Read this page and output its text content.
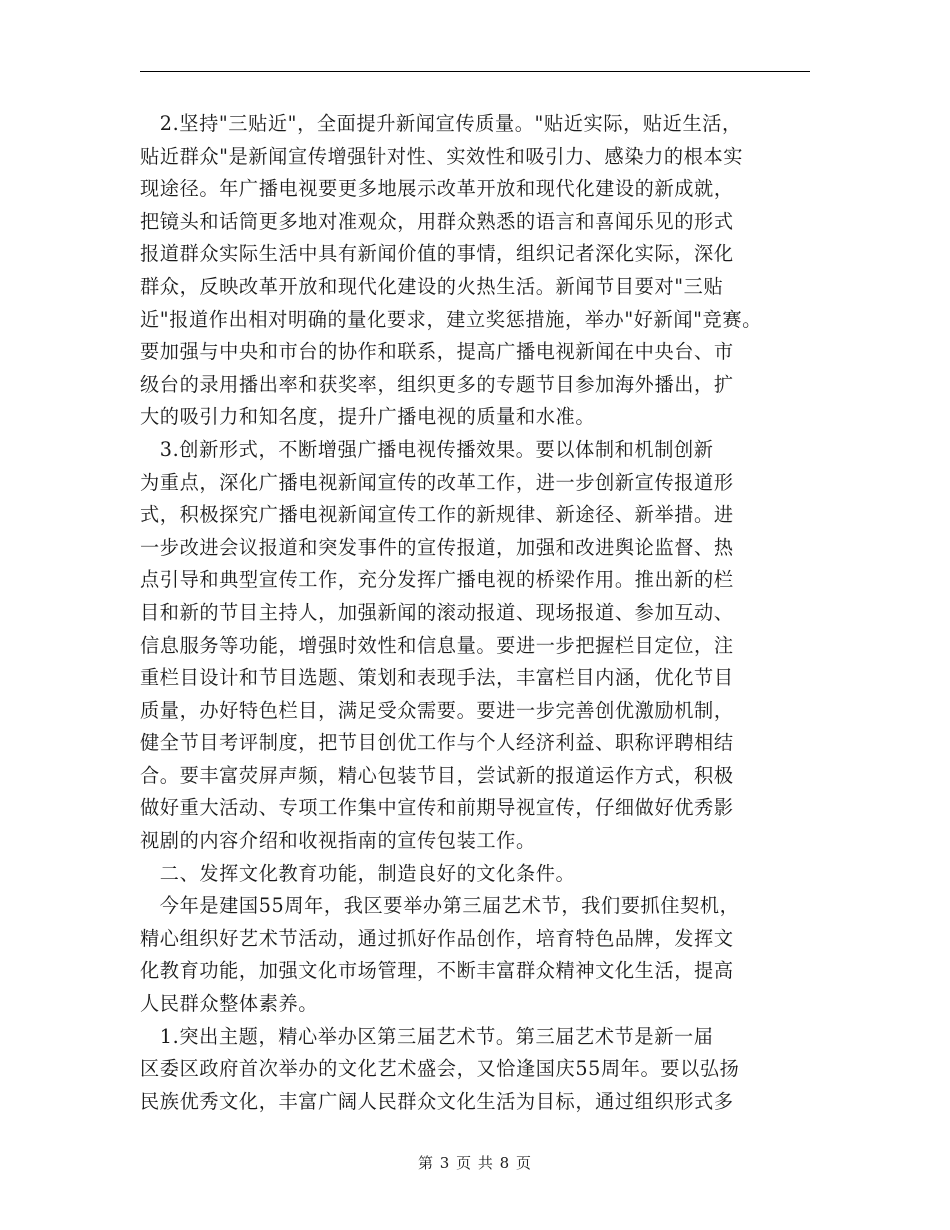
　2.坚持"三贴近"，全面提升新闻宣传质量。"贴近实际，贴近生活，
贴近群众"是新闻宣传增强针对性、实效性和吸引力、感染力的根本实
现途径。年广播电视要更多地展示改革开放和现代化建设的新成就，
把镜头和话筒更多地对准观众，用群众熟悉的语言和喜闻乐见的形式
报道群众实际生活中具有新闻价值的事情，组织记者深化实际，深化
群众，反映改革开放和现代化建设的火热生活。新闻节目要对"三贴
近"报道作出相对明确的量化要求，建立奖惩措施，举办"好新闻"竞赛。
要加强与中央和市台的协作和联系，提高广播电视新闻在中央台、市
级台的录用播出率和获奖率，组织更多的专题节目参加海外播出，扩
大的吸引力和知名度，提升广播电视的质量和水准。
　3.创新形式，不断增强广播电视传播效果。要以体制和机制创新
为重点，深化广播电视新闻宣传的改革工作，进一步创新宣传报道形
式，积极探究广播电视新闻宣传工作的新规律、新途径、新举措。进
一步改进会议报道和突发事件的宣传报道，加强和改进舆论监督、热
点引导和典型宣传工作，充分发挥广播电视的桥梁作用。推出新的栏
目和新的节目主持人，加强新闻的滚动报道、现场报道、参加互动、
信息服务等功能，增强时效性和信息量。要进一步把握栏目定位，注
重栏目设计和节目选题、策划和表现手法，丰富栏目内涵，优化节目
质量，办好特色栏目，满足受众需要。要进一步完善创优激励机制，
健全节目考评制度，把节目创优工作与个人经济利益、职称评聘相结
合。要丰富荧屏声频，精心包装节目，尝试新的报道运作方式，积极
做好重大活动、专项工作集中宣传和前期导视宣传，仔细做好优秀影
视剧的内容介绍和收视指南的宣传包装工作。
　二、发挥文化教育功能，制造良好的文化条件。
　今年是建国55周年，我区要举办第三届艺术节，我们要抓住契机，
精心组织好艺术节活动，通过抓好作品创作，培育特色品牌，发挥文
化教育功能，加强文化市场管理，不断丰富群众精神文化生活，提高
人民群众整体素养。
　1.突出主题，精心举办区第三届艺术节。第三届艺术节是新一届
区委区政府首次举办的文化艺术盛会，又恰逢国庆55周年。要以弘扬
民族优秀文化，丰富广阔人民群众文化生活为目标，通过组织形式多
第 3 页 共 8 页
